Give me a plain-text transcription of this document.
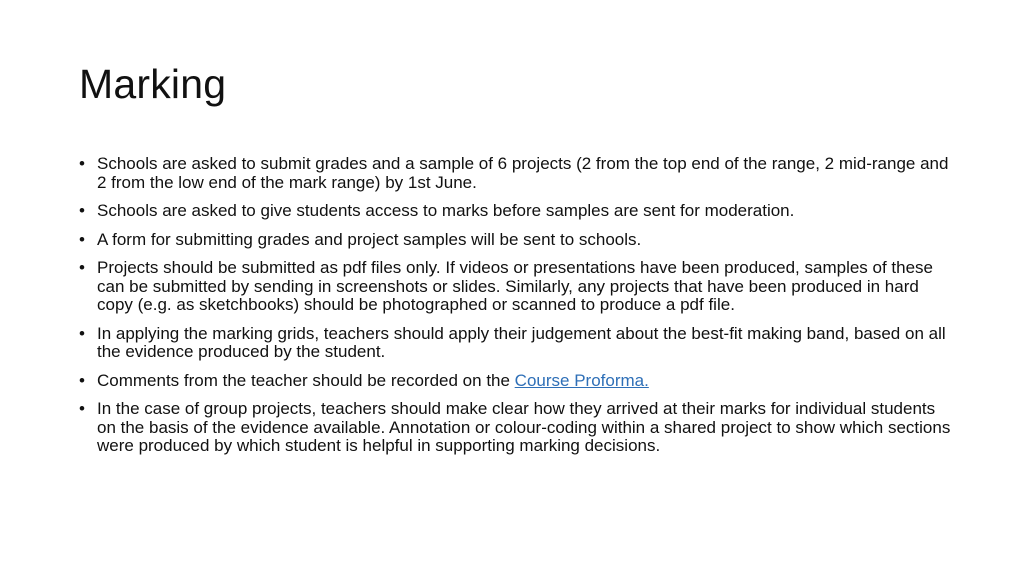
Marking
• Schools are asked to submit grades and a sample of 6 projects (2 from the top end of the range, 2 mid-range and 2 from the low end of the mark range) by 1st June.
• Schools are asked to give students access to marks before samples are sent for moderation.
• A form for submitting grades and project samples will be sent to schools.
• Projects should be submitted as pdf files only. If videos or presentations have been produced, samples of these can be submitted by sending in screenshots or slides. Similarly, any projects that have been produced in hard copy (e.g. as sketchbooks) should be photographed or scanned to produce a pdf file.
• In applying the marking grids, teachers should apply their judgement about the best-fit making band, based on all the evidence produced by the student.
• Comments from the teacher should be recorded on the Course Proforma.
• In the case of group projects, teachers should make clear how they arrived at their marks for individual students on the basis of the evidence available. Annotation or colour-coding within a shared project to show which sections were produced by which student is helpful in supporting marking decisions.
